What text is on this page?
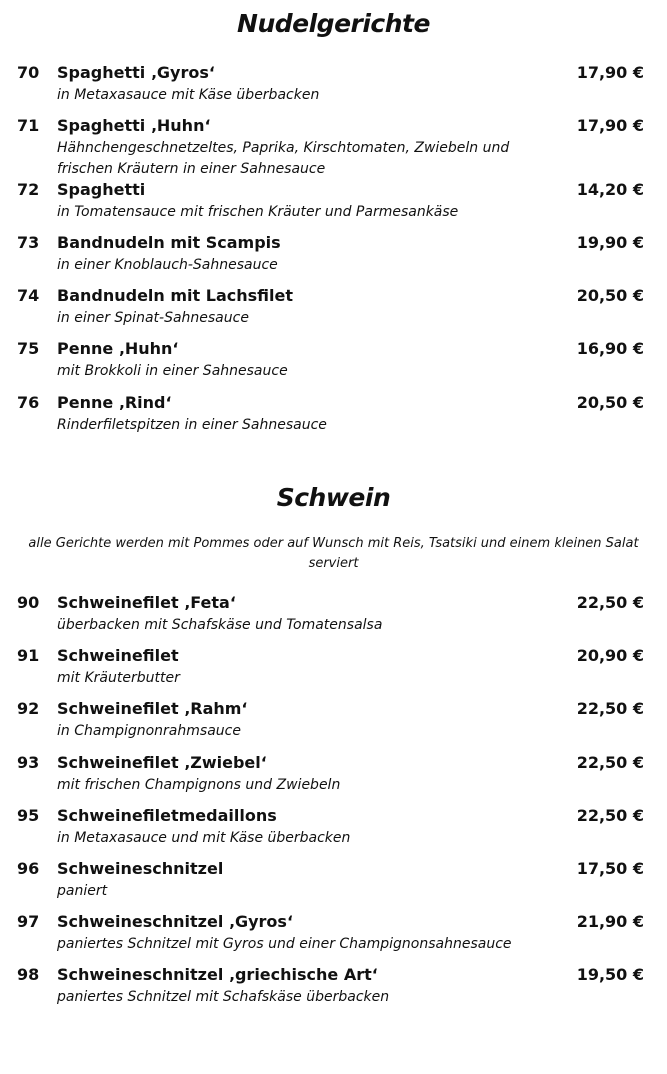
Nudelgerichte
70 Spaghetti ‚Gyros‘	17,90 €
in Metaxasauce mit Käse überbacken
71 Spaghetti ‚Huhn‘	17,90 €
Hähnchengeschnetzeltes, Paprika, Kirschtomaten, Zwiebeln und frischen Kräutern in einer Sahnesauce
72 Spaghetti	14,20 €
in Tomatensauce mit frischen Kräuter und Parmesankäse
73 Bandnudeln mit Scampis	19,90 €
in einer Knoblauch-Sahnesauce
74 Bandnudeln mit Lachsfilet	20,50 €
in einer Spinat-Sahnesauce
75 Penne ‚Huhn‘	16,90 €
mit Brokkoli in einer Sahnesauce
76 Penne ‚Rind‘	20,50 €
Rinderfiletspitzen in einer Sahnesauce
Schwein

alle Gerichte werden mit Pommes oder auf Wunsch mit Reis, Tsatsiki und einem kleinen Salat serviert

90 Schweinefilet ‚Feta‘	22,50 €
überbacken mit Schafskäse und Tomatensalsa
91 Schweinefilet	20,90 €
mit Kräuterbutter
92 Schweinefilet ‚Rahm‘	22,50 €
in Champignonrahmsauce
93 Schweinefilet ‚Zwiebel‘	22,50 €
mit frischen Champignons und Zwiebeln
95 Schweinefiletmedaillons	22,50 €
in Metaxasauce und mit Käse überbacken
96 Schweineschnitzel	17,50 €
paniert
97 Schweineschnitzel ‚Gyros‘	21,90 €
paniertes Schnitzel mit Gyros und einer Champignonsahnesauce
98 Schweineschnitzel ‚griechische Art‘	19,50 €
paniertes Schnitzel mit Schafskäse überbacken
